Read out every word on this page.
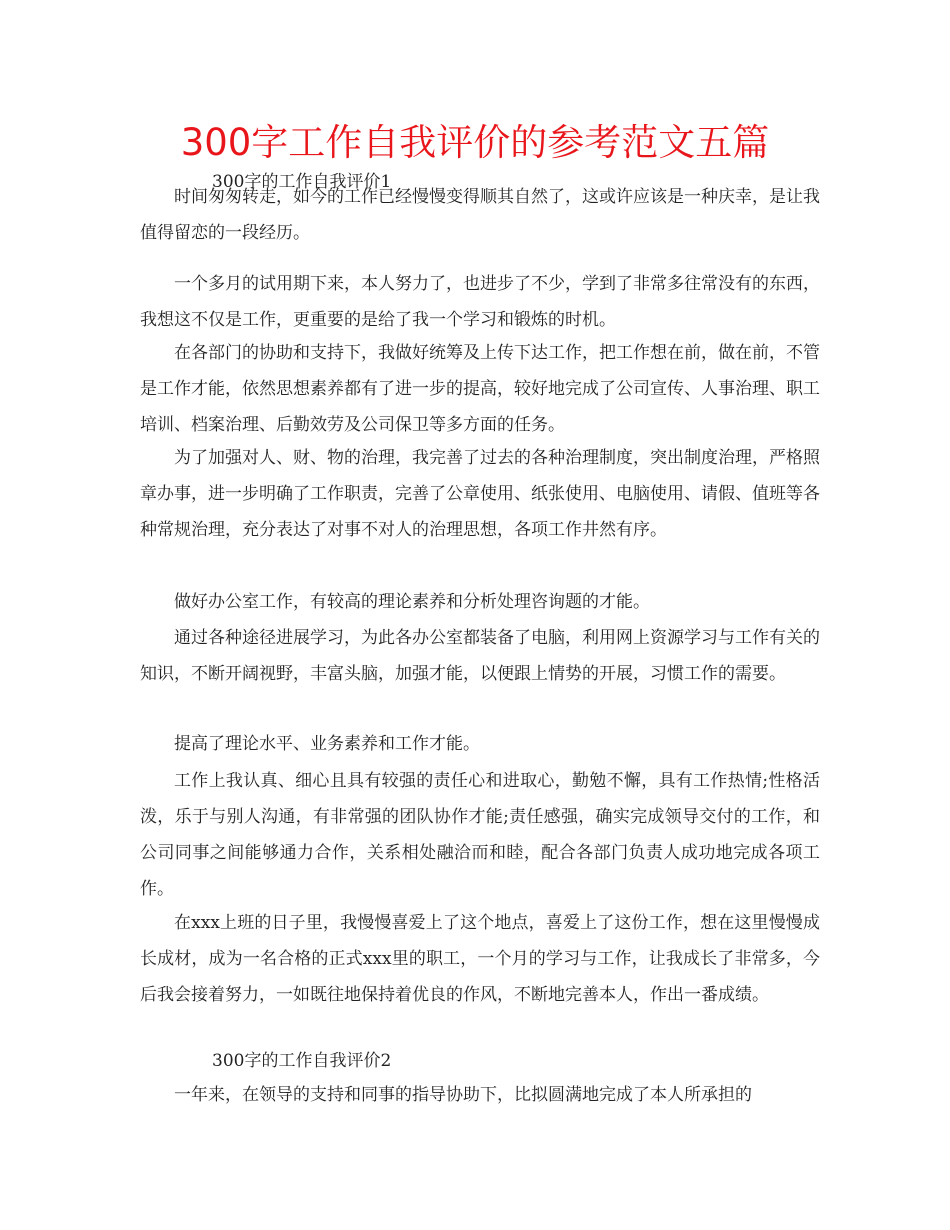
300字工作自我评价的参考范文五篇
300字的工作自我评价1

时间匆匆转走，如今的工作已经慢慢变得顺其自然了，这或许应该是一种庆幸，是让我值得留恋的一段经历。

一个多月的试用期下来，本人努力了，也进步了不少，学到了非常多往常没有的东西，我想这不仅是工作，更重要的是给了我一个学习和锻炼的时机。

在各部门的协助和支持下，我做好统筹及上传下达工作，把工作想在前，做在前，不管是工作才能，依然思想素养都有了进一步的提高，较好地完成了公司宣传、人事治理、职工培训、档案治理、后勤效劳及公司保卫等多方面的任务。

为了加强对人、财、物的治理，我完善了过去的各种治理制度，突出制度治理，严格照章办事，进一步明确了工作职责，完善了公章使用、纸张使用、电脑使用、请假、值班等各种常规治理，充分表达了对事不对人的治理思想，各项工作井然有序。

做好办公室工作，有较高的理论素养和分析处理咨询题的才能。

通过各种途径进展学习，为此各办公室都装备了电脑，利用网上资源学习与工作有关的知识，不断开阔视野，丰富头脑，加强才能，以便跟上情势的开展，习惯工作的需要。

提高了理论水平、业务素养和工作才能。

工作上我认真、细心且具有较强的责任心和进取心，勤勉不懈，具有工作热情;性格活泼，乐于与别人沟通，有非常强的团队协作才能;责任感强，确实完成领导交付的工作，和公司同事之间能够通力合作，关系相处融洽而和睦，配合各部门负责人成功地完成各项工作。

在xxx上班的日子里，我慢慢喜爱上了这个地点，喜爱上了这份工作，想在这里慢慢成长成材，成为一名合格的正式xxx里的职工，一个月的学习与工作，让我成长了非常多，今后我会接着努力，一如既往地保持着优良的作风，不断地完善本人，作出一番成绩。

300字的工作自我评价2

一年来，在领导的支持和同事的指导协助下，比拟圆满地完成了本人所承担的
